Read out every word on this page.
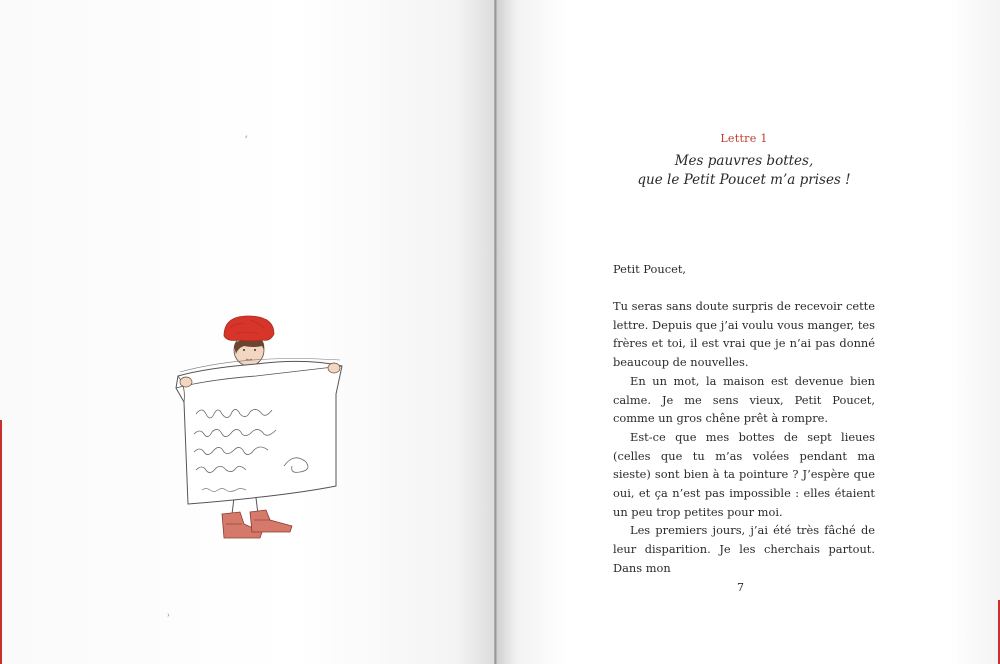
ʼ
ʾ
Lettre 1
Mes pauvres bottes,
que le Petit Poucet m’a prises !
Petit Poucet,

Tu seras sans doute surpris de recevoir cette lettre. Depuis que j’ai voulu vous manger, tes frères et toi, il est vrai que je n’ai pas donné beaucoup de nouvelles.

En un mot, la maison est devenue bien calme. Je me sens vieux, Petit Poucet, comme un gros chêne prêt à rompre.

Est-ce que mes bottes de sept lieues (celles que tu m’as volées pendant ma sieste) sont bien à ta pointure ? J’espère que oui, et ça n’est pas impossible : elles étaient un peu trop petites pour moi.

Les premiers jours, j’ai été très fâché de leur disparition. Je les cherchais partout. Dans mon

7
